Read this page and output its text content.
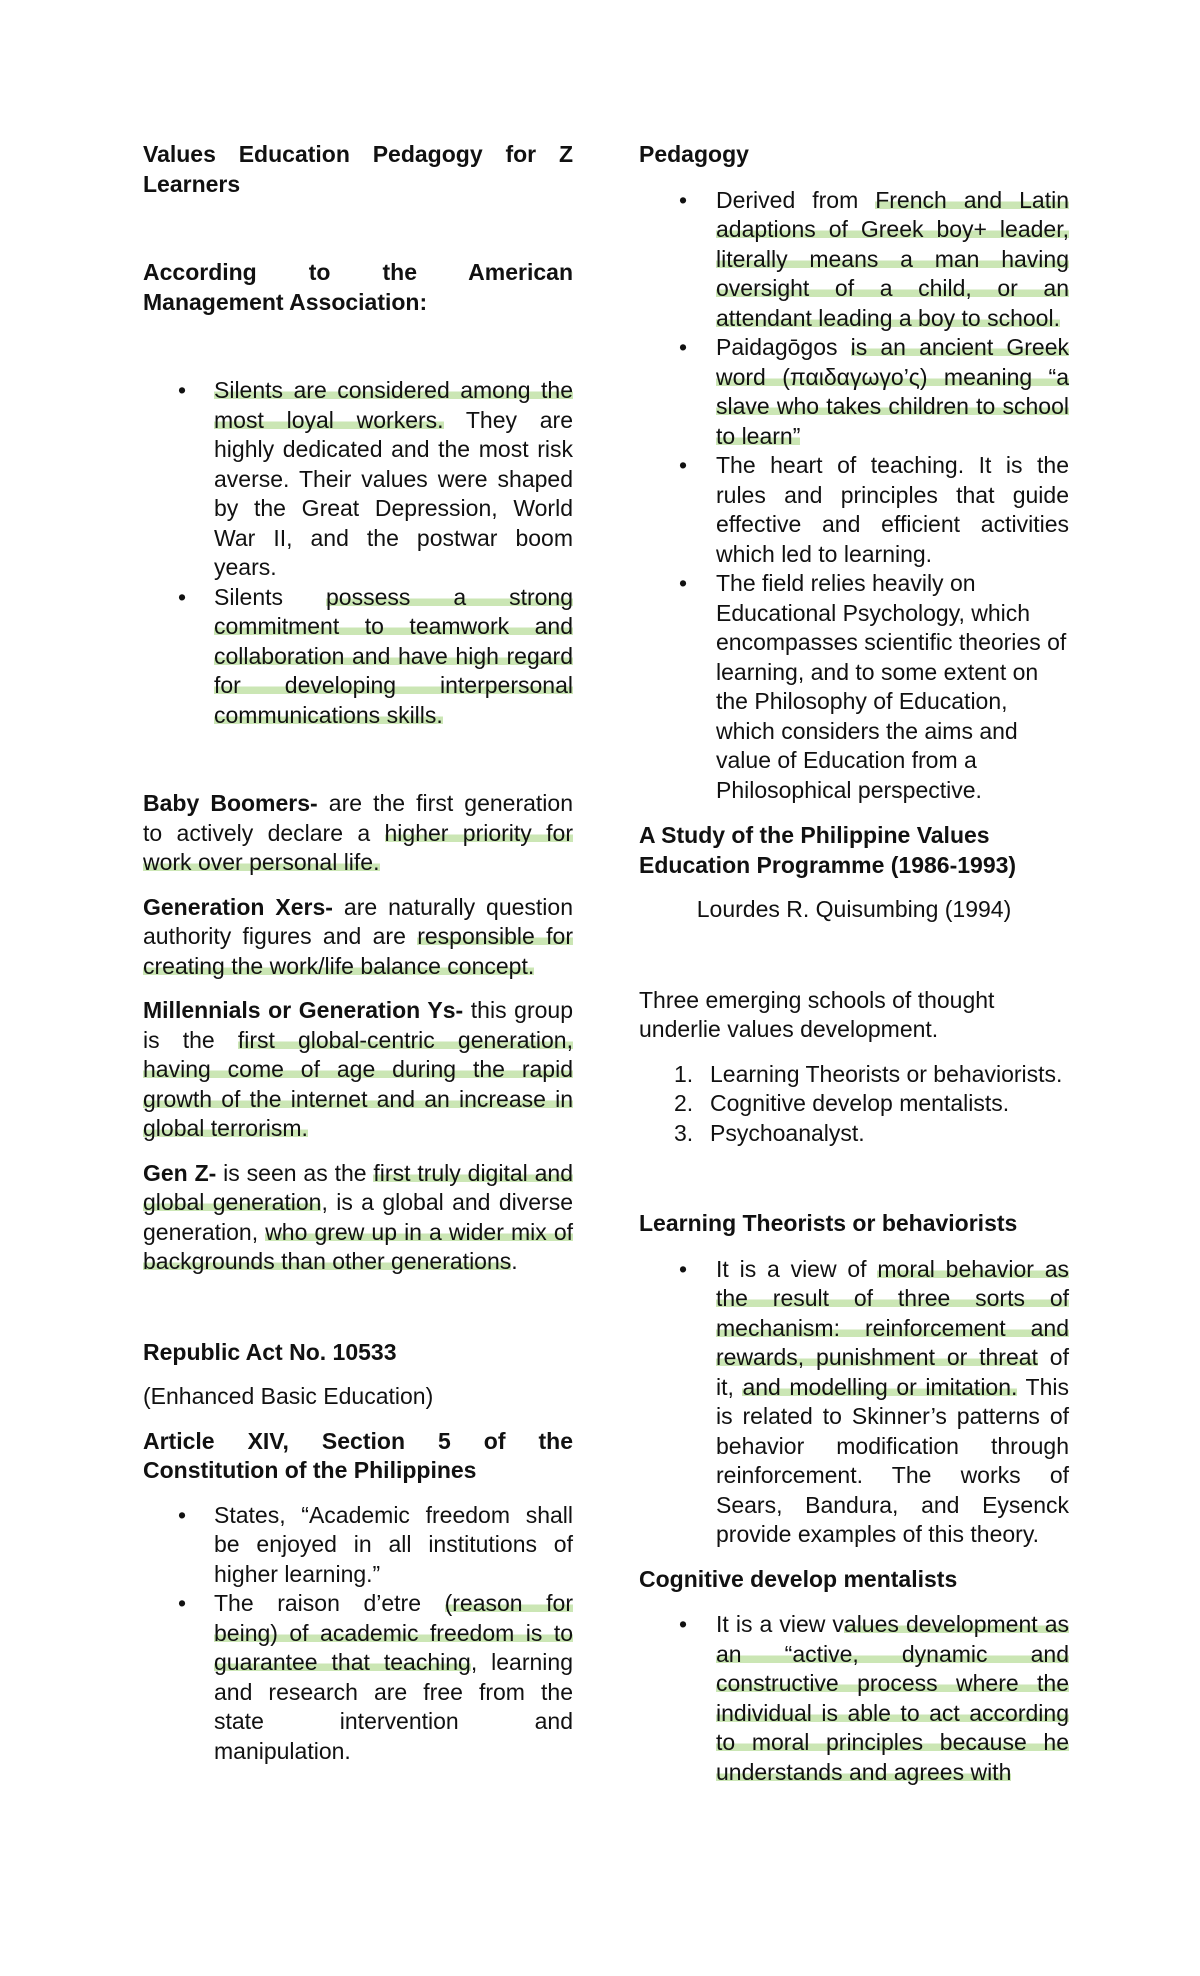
Values Education Pedagogy for Z Learners

According to the American Management Association:

• Silents are considered among the most loyal workers. They are highly dedicated and the most risk averse. Their values were shaped by the Great Depression, World War II, and the postwar boom years.
• Silents possess a strong commitment to teamwork and collaboration and have high regard for developing interpersonal communications skills.

Baby Boomers- are the first generation to actively declare a higher priority for work over personal life.

Generation Xers- are naturally question authority figures and are responsible for creating the work/life balance concept.

Millennials or Generation Ys- this group is the first global-centric generation, having come of age during the rapid growth of the internet and an increase in global terrorism.

Gen Z- is seen as the first truly digital and global generation, is a global and diverse generation, who grew up in a wider mix of backgrounds than other generations.

Republic Act No. 10533

(Enhanced Basic Education)

Article XIV, Section 5 of the Constitution of the Philippines

• States, “Academic freedom shall be enjoyed in all institutions of higher learning.”
• The raison d’etre (reason for being) of academic freedom is to guarantee that teaching, learning and research are free from the state intervention and manipulation.

Pedagogy

• Derived from French and Latin adaptions of Greek boy+ leader, literally means a man having oversight of a child, or an attendant leading a boy to school.
• Paidagōgos is an ancient Greek word (παιδαγωγο’ς) meaning “a slave who takes children to school to learn”
• The heart of teaching. It is the rules and principles that guide effective and efficient activities which led to learning.
• The field relies heavily on Educational Psychology, which encompasses scientific theories of learning, and to some extent on the Philosophy of Education, which considers the aims and value of Education from a Philosophical perspective.

A Study of the Philippine Values Education Programme (1986-1993)

Lourdes R. Quisumbing (1994)

Three emerging schools of thought underlie values development.

1. Learning Theorists or behaviorists.
2. Cognitive develop mentalists.
3. Psychoanalyst.

Learning Theorists or behaviorists

• It is a view of moral behavior as the result of three sorts of mechanism: reinforcement and rewards, punishment or threat of it, and modelling or imitation. This is related to Skinner’s patterns of behavior modification through reinforcement. The works of Sears, Bandura, and Eysenck provide examples of this theory.

Cognitive develop mentalists

• It is a view values development as an “active, dynamic and constructive process where the individual is able to act according to moral principles because he understands and agrees with
